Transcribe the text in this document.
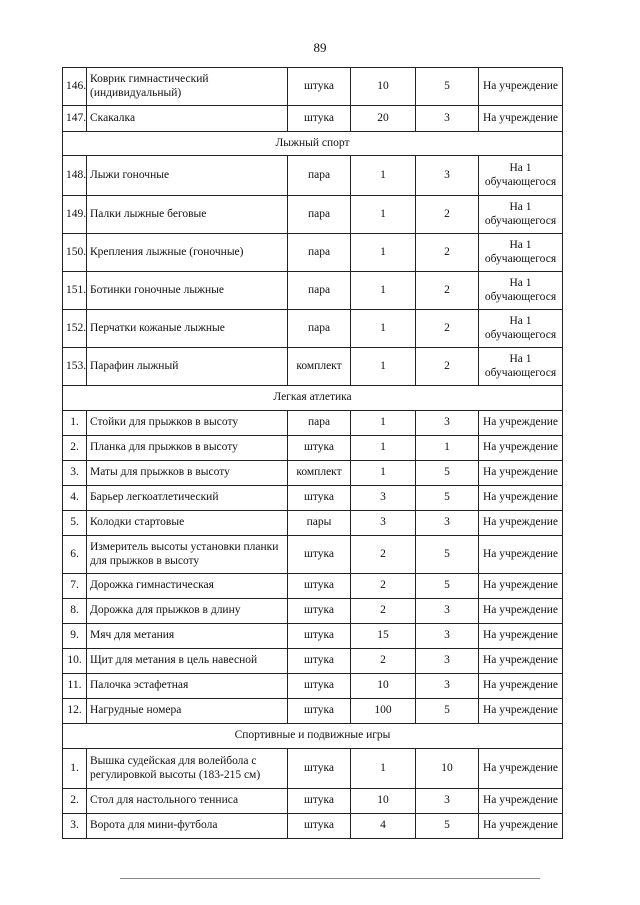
89
146.	Коврик гимнастический (индивидуальный)	штука	10	5	На учреждение
147.	Скакалка	штука	20	3	На учреждение
Лыжный спорт					
148.	Лыжи гоночные	пара	1	3	На 1 обучающегося
149.	Палки лыжные беговые	пара	1	2	На 1 обучающегося
150.	Крепления лыжные (гоночные)	пара	1	2	На 1 обучающегося
151.	Ботинки гоночные лыжные	пара	1	2	На 1 обучающегося
152.	Перчатки кожаные лыжные	пара	1	2	На 1 обучающегося
153.	Парафин лыжный	комплект	1	2	На 1 обучающегося
Легкая атлетика					
1.	Стойки для прыжков в высоту	пара	1	3	На учреждение
2.	Планка для прыжков в высоту	штука	1	1	На учреждение
3.	Маты для прыжков в высоту	комплект	1	5	На учреждение
4.	Барьер легкоатлетический	штука	3	5	На учреждение
5.	Колодки стартовые	пары	3	3	На учреждение
6.	Измеритель высоты установки планки для прыжков в высоту	штука	2	5	На учреждение
7.	Дорожка гимнастическая	штука	2	5	На учреждение
8.	Дорожка для прыжков в длину	штука	2	3	На учреждение
9.	Мяч для метания	штука	15	3	На учреждение
10.	Щит для метания в цель навесной	штука	2	3	На учреждение
11.	Палочка эстафетная	штука	10	3	На учреждение
12.	Нагрудные номера	штука	100	5	На учреждение
Спортивные и подвижные игры					
1.	Вышка судейская для волейбола с регулировкой высоты (183-215 см)	штука	1	10	На учреждение
2.	Стол для настольного тенниса	штука	10	3	На учреждение
3.	Ворота для мини-футбола	штука	4	5	На учреждение
